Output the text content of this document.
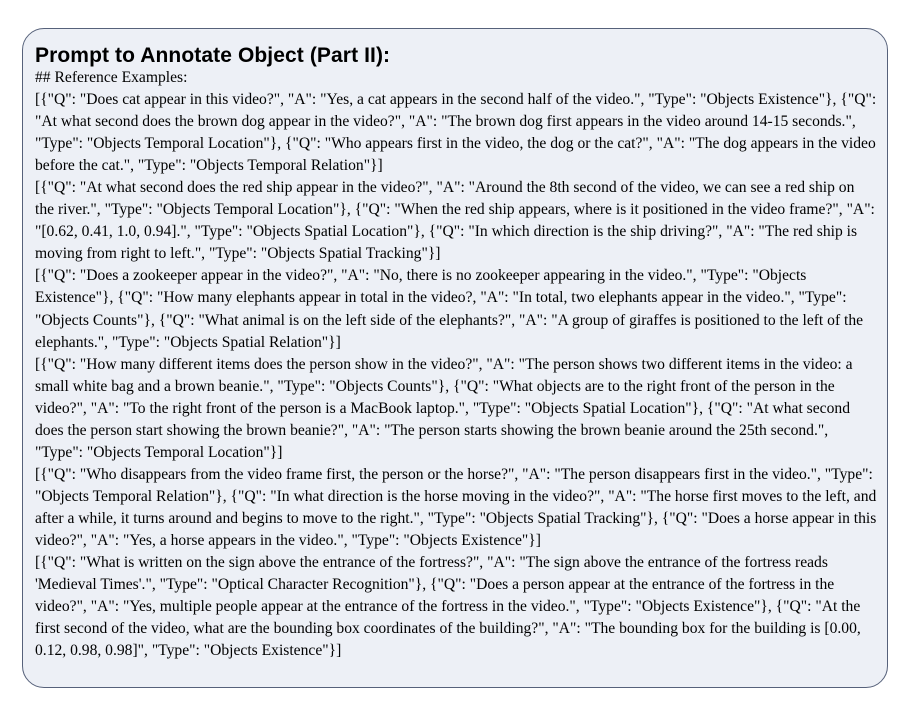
Prompt to Annotate Object (Part II):

## Reference Examples:

[{"Q": "Does cat appear in this video?", "A": "Yes, a cat appears in the second half of the video.", "Type": "Objects Existence"}, {"Q": "At what second does the brown dog appear in the video?", "A": "The brown dog first appears in the video around 14-15 seconds.", "Type": "Objects Temporal Location"}, {"Q": "Who appears first in the video, the dog or the cat?", "A": "The dog appears in the video before the cat.", "Type": "Objects Temporal Relation"}]

[{"Q": "At what second does the red ship appear in the video?", "A": "Around the 8th second of the video, we can see a red ship on the river.", "Type": "Objects Temporal Location"}, {"Q": "When the red ship appears, where is it positioned in the video frame?", "A": "[0.62, 0.41, 1.0, 0.94].", "Type": "Objects Spatial Location"}, {"Q": "In which direction is the ship driving?", "A": "The red ship is moving from right to left.", "Type": "Objects Spatial Tracking"}]

[{"Q": "Does a zookeeper appear in the video?", "A": "No, there is no zookeeper appearing in the video.", "Type": "Objects Existence"}, {"Q": "How many elephants appear in total in the video?, "A": "In total, two elephants appear in the video.", "Type": "Objects Counts"}, {"Q": "What animal is on the left side of the elephants?", "A": "A group of giraffes is positioned to the left of the elephants.", "Type": "Objects Spatial Relation"}]

[{"Q": "How many different items does the person show in the video?", "A": "The person shows two different items in the video: a small white bag and a brown beanie.", "Type": "Objects Counts"}, {"Q": "What objects are to the right front of the person in the video?", "A": "To the right front of the person is a MacBook laptop.", "Type": "Objects Spatial Location"}, {"Q": "At what second does the person start showing the brown beanie?", "A": "The person starts showing the brown beanie around the 25th second.", "Type": "Objects Temporal Location"}]

[{"Q": "Who disappears from the video frame first, the person or the horse?", "A": "The person disappears first in the video.", "Type": "Objects Temporal Relation"}, {"Q": "In what direction is the horse moving in the video?", "A": "The horse first moves to the left, and after a while, it turns around and begins to move to the right.", "Type": "Objects Spatial Tracking"}, {"Q": "Does a horse appear in this video?", "A": "Yes, a horse appears in the video.", "Type": "Objects Existence"}]

[{"Q": "What is written on the sign above the entrance of the fortress?", "A": "The sign above the entrance of the fortress reads 'Medieval Times'.", "Type": "Optical Character Recognition"}, {"Q": "Does a person appear at the entrance of the fortress in the video?", "A": "Yes, multiple people appear at the entrance of the fortress in the video.", "Type": "Objects Existence"}, {"Q": "At the first second of the video, what are the bounding box coordinates of the building?", "A": "The bounding box for the building is [0.00, 0.12, 0.98, 0.98]", "Type": "Objects Existence"}]
